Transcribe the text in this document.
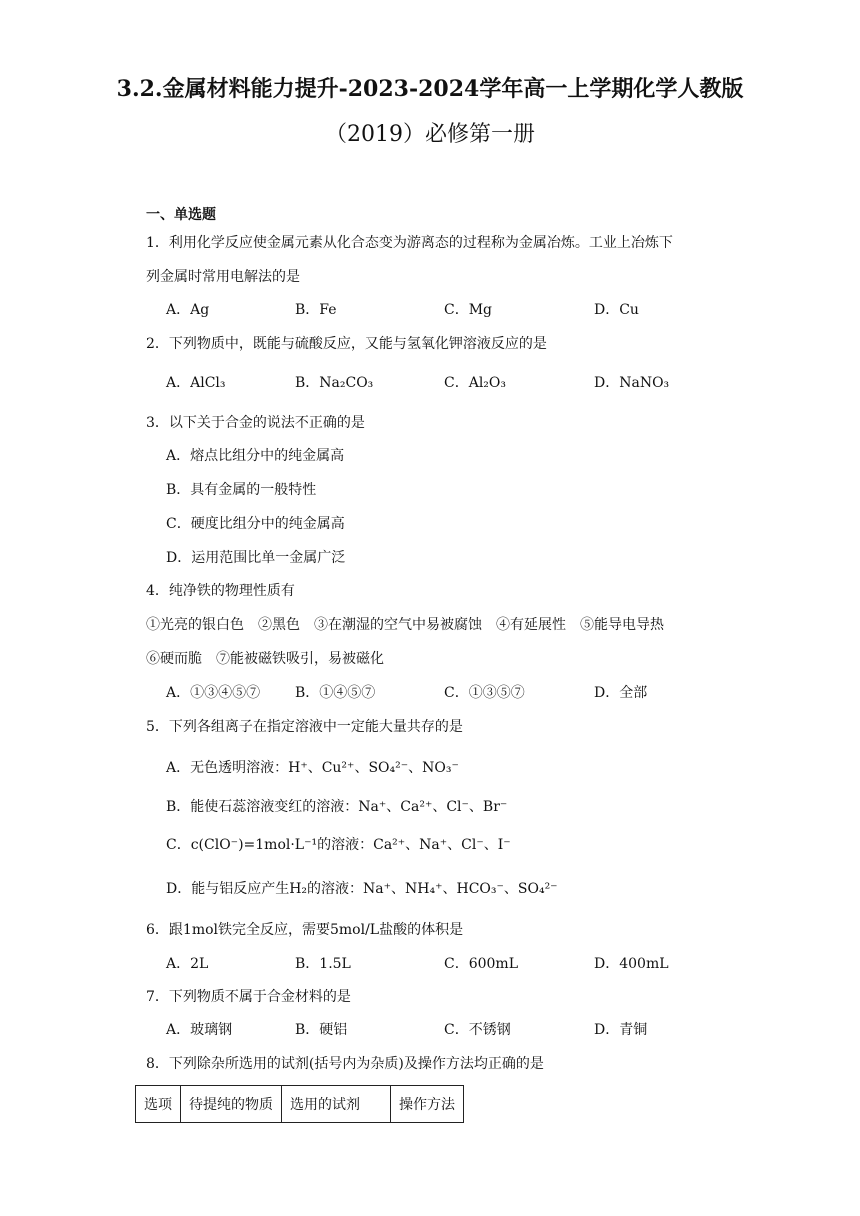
3.2.金属材料能力提升-2023-2024学年高一上学期化学人教版
（2019）必修第一册
一、单选题
1．利用化学反应使金属元素从化合态变为游离态的过程称为金属冶炼。工业上冶炼下
列金属时常用电解法的是
A．Ag	B．Fe	C．Mg	D．Cu
2．下列物质中，既能与硫酸反应，又能与氢氧化钾溶液反应的是
A．AlCl₃	B．Na₂CO₃	C．Al₂O₃	D．NaNO₃
3．以下关于合金的说法不正确的是
A．熔点比组分中的纯金属高
B．具有金属的一般特性
C．硬度比组分中的纯金属高
D．运用范围比单一金属广泛
4．纯净铁的物理性质有
①光亮的银白色　②黑色　③在潮湿的空气中易被腐蚀　④有延展性　⑤能导电导热
⑥硬而脆　⑦能被磁铁吸引，易被磁化
A．①③④⑤⑦ B．①④⑤⑦	C．①③⑤⑦	D．全部
5．下列各组离子在指定溶液中一定能大量共存的是
A．无色透明溶液：H⁺、Cu²⁺、SO₄²⁻、NO₃⁻
B．能使石蕊溶液变红的溶液：Na⁺、Ca²⁺、Cl⁻、Br⁻
C．c(ClO⁻)=1mol·L⁻¹的溶液：Ca²⁺、Na⁺、Cl⁻、I⁻
D．能与铝反应产生H₂的溶液：Na⁺、NH₄⁺、HCO₃⁻、SO₄²⁻
6．跟1mol铁完全反应，需要5mol/L盐酸的体积是
A．2L	B．1.5L	C．600mL	D．400mL
7．下列物质不属于合金材料的是
A．玻璃钢	B．硬铝	C．不锈钢	D．青铜
8．下列除杂所选用的试剂(括号内为杂质)及操作方法均正确的是
选项	待提纯的物质	选用的试剂	操作方法
